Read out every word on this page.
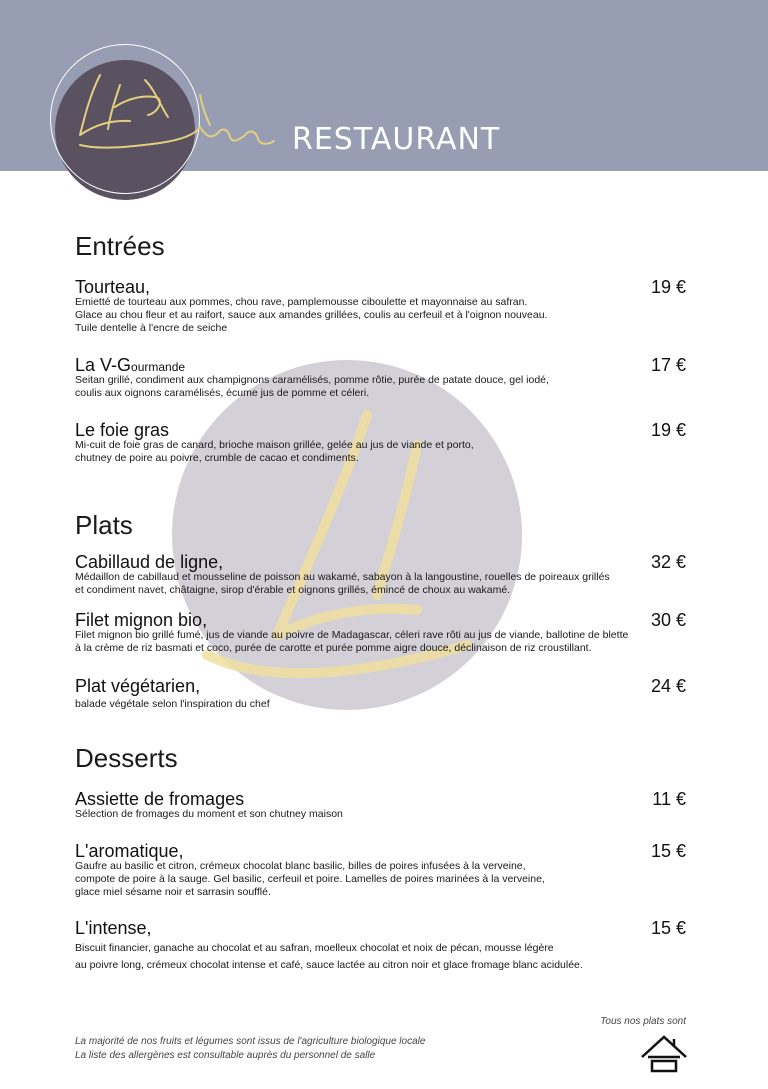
RESTAURANT
Entrées
Tourteau,	19 €
Emietté de tourteau aux pommes, chou rave, pamplemousse ciboulette et mayonnaise au safran.
Glace au chou fleur et au raifort, sauce aux amandes grillées, coulis au cerfeuil et à l'oignon nouveau.
Tuile dentelle à l'encre de seiche
La V-Gourmande	17 €
Seitan grillé, condiment aux champignons caramélisés, pomme rôtie, purée de patate douce, gel iodé,
coulis aux oignons caramélisés, écume jus de pomme et céleri.
Le foie gras	19 €
Mi-cuit de foie gras de canard, brioche maison grillée, gelée au jus de viande et porto,
chutney de poire au poivre, crumble de cacao et condiments.
Plats
Cabillaud de ligne,	32 €
Médaillon de cabillaud et mousseline de poisson au wakamé, sabayon à la langoustine, rouelles de poireaux grillés
et condiment navet, châtaigne, sirop d'érable et oignons grillés, émincé de choux au wakamé.
Filet mignon bio,	30 €
Filet mignon bio grillé fumé, jus de viande au poivre de Madagascar, céleri rave rôti au jus de viande, ballotine de blette
à la crème de riz basmati et coco, purée de carotte et purée pomme aigre douce, déclinaison de riz croustillant.
Plat végétarien,	24 €
balade végétale selon l'inspiration du chef
Desserts
Assiette de fromages	11 €
Sélection de fromages du moment et son chutney maison
L'aromatique,	15 €
Gaufre au basilic et citron, crémeux chocolat blanc basilic, billes de poires infusées à la verveine,
compote de poire à la sauge. Gel basilic, cerfeuil et poire. Lamelles de poires marinées à la verveine,
glace miel sésame noir et sarrasin soufflé.
L'intense,	15 €
Biscuit financier, ganache au chocolat et au safran, moelleux chocolat et noix de pécan, mousse légère
au poivre long, crémeux chocolat intense et café, sauce lactée au citron noir et glace fromage blanc acidulée.
La majorité de nos fruits et légumes sont issus de l'agriculture biologique locale
La liste des allergènes est consultable auprès du personnel de salle
Tous nos plats sont
